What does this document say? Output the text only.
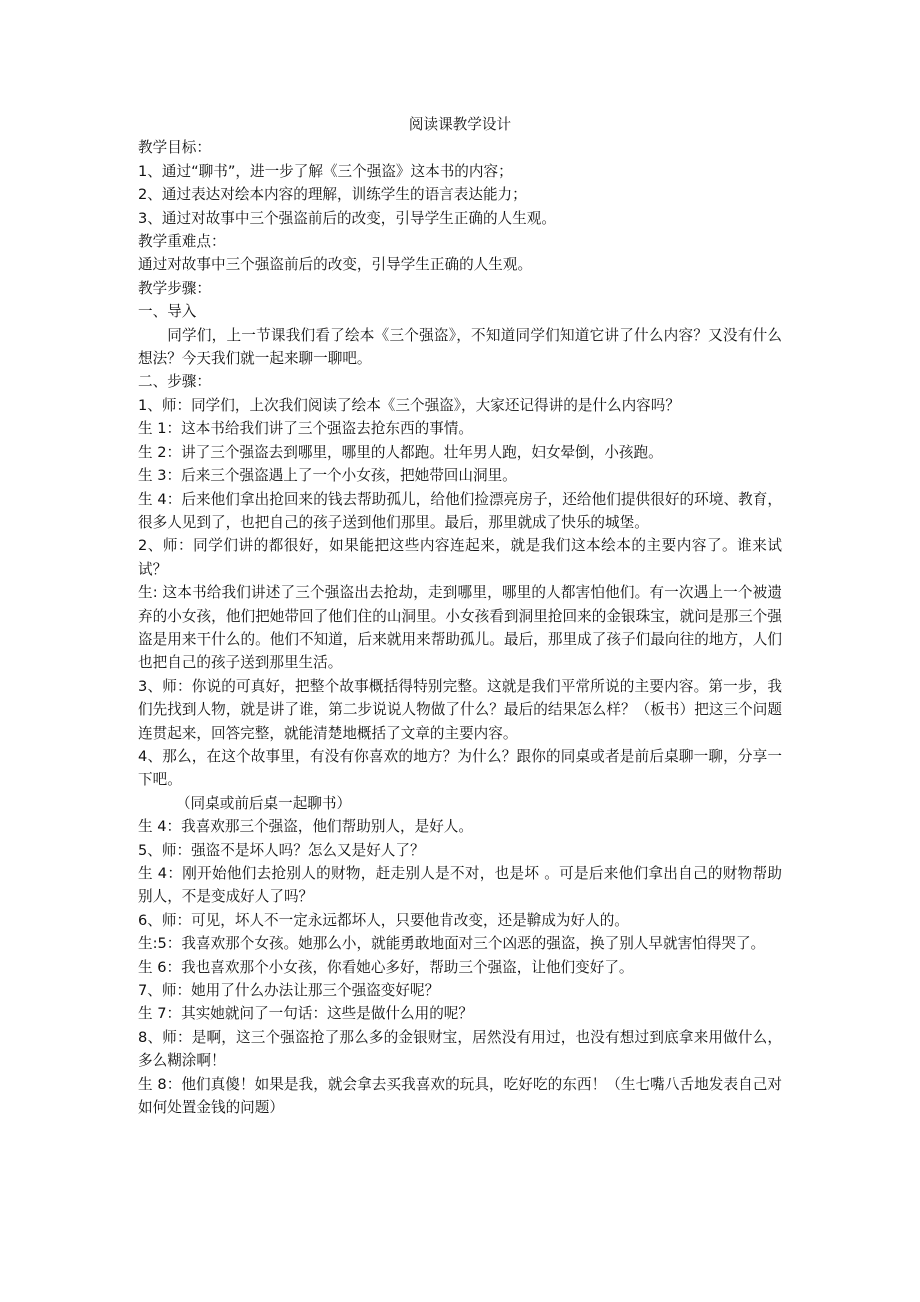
阅读课教学设计

教学目标：

1、通过“聊书”，进一步了解《三个强盗》这本书的内容；

2、通过表达对绘本内容的理解，训练学生的语言表达能力；

3、通过对故事中三个强盗前后的改变，引导学生正确的人生观。

教学重难点：

通过对故事中三个强盗前后的改变，引导学生正确的人生观。

教学步骤：

一、导入

同学们，上一节课我们看了绘本《三个强盗》，不知道同学们知道它讲了什么内容？又没有什么想法？今天我们就一起来聊一聊吧。

二、步骤：

1、师：同学们，上次我们阅读了绘本《三个强盗》，大家还记得讲的是什么内容吗？

生 1：这本书给我们讲了三个强盗去抢东西的事情。

生 2：讲了三个强盗去到哪里，哪里的人都跑。壮年男人跑，妇女晕倒，小孩跑。

生 3：后来三个强盗遇上了一个小女孩，把她带回山洞里。

生 4：后来他们拿出抢回来的钱去帮助孤儿，给他们捡漂亮房子，还给他们提供很好的环境、教育，很多人见到了，也把自己的孩子送到他们那里。最后，那里就成了快乐的城堡。

2、师：同学们讲的都很好，如果能把这些内容连起来，就是我们这本绘本的主要内容了。谁来试试？

生: 这本书给我们讲述了三个强盗出去抢劫，走到哪里，哪里的人都害怕他们。有一次遇上一个被遗弃的小女孩，他们把她带回了他们住的山洞里。小女孩看到洞里抢回来的金银珠宝，就问是那三个强盗是用来干什么的。他们不知道，后来就用来帮助孤儿。最后，那里成了孩子们最向往的地方，人们也把自己的孩子送到那里生活。

3、师：你说的可真好，把整个故事概括得特别完整。这就是我们平常所说的主要内容。第一步，我们先找到人物，就是讲了谁，第二步说说人物做了什么？最后的结果怎么样？（板书）把这三个问题连贯起来，回答完整，就能清楚地概括了文章的主要内容。

4、那么，在这个故事里，有没有你喜欢的地方？为什么？跟你的同桌或者是前后桌聊一聊，分享一下吧。

（同桌或前后桌一起聊书）

生 4：我喜欢那三个强盗，他们帮助别人，是好人。

5、师：强盗不是坏人吗？怎么又是好人了？

生 4：刚开始他们去抢别人的财物，赶走别人是不对，也是坏 。可是后来他们拿出自己的财物帮助别人，不是变成好人了吗？

6、师：可见，坏人不一定永远都坏人，只要他肯改变，还是鞥成为好人的。

生:5：我喜欢那个女孩。她那么小，就能勇敢地面对三个凶恶的强盗，换了别人早就害怕得哭了。

生 6：我也喜欢那个小女孩，你看她心多好，帮助三个强盗，让他们变好了。

7、师：她用了什么办法让那三个强盗变好呢？

生 7：其实她就问了一句话：这些是做什么用的呢？

8、师：是啊，这三个强盗抢了那么多的金银财宝，居然没有用过，也没有想过到底拿来用做什么，多么糊涂啊！

生 8：他们真傻！如果是我，就会拿去买我喜欢的玩具，吃好吃的东西！（生七嘴八舌地发表自己对如何处置金钱的问题）
